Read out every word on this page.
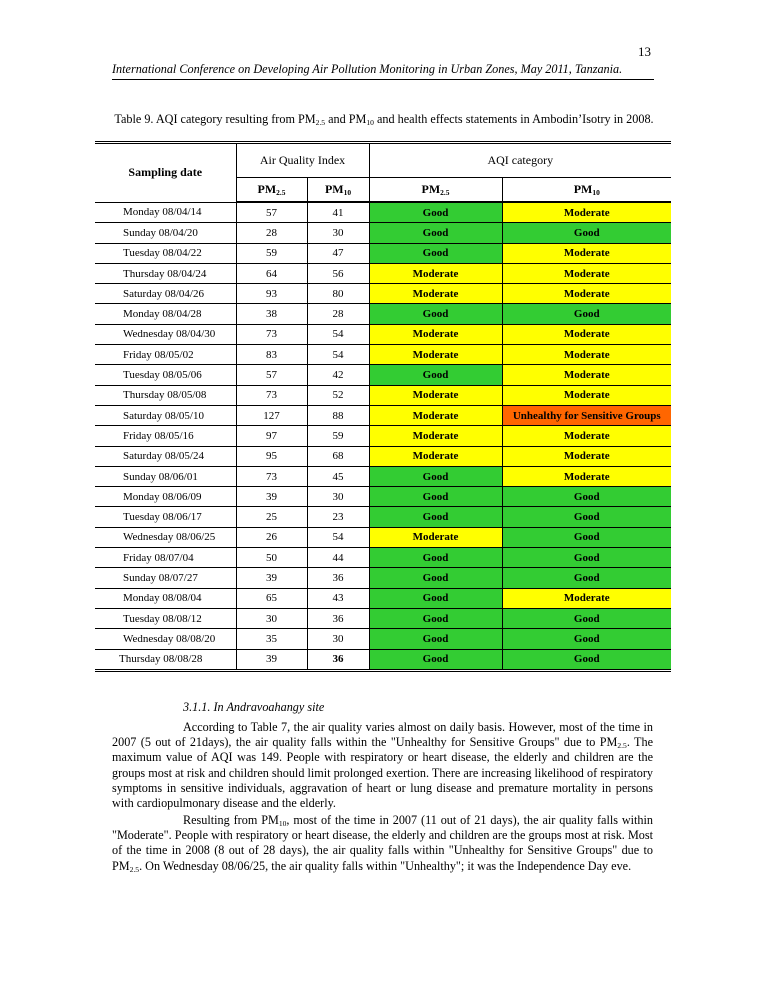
13
International Conference on Developing Air Pollution Monitoring in Urban Zones, May 2011, Tanzania.
Table 9. AQI category resulting from $PM_{2.5}$ and $PM_{10}$ and health effects statements in Ambodin’Isotry in 2008.
Sampling date	Air Quality Index		AQI category	
	$PM_{2.5}$	$PM_{10}$	$PM_{2.5}$	$PM_{10}$
Monday 08/04/14	57	41	Good	Moderate
Sunday 08/04/20	28	30	Good	Good
Tuesday 08/04/22	59	47	Good	Moderate
Thursday 08/04/24	64	56	Moderate	Moderate
Saturday 08/04/26	93	80	Moderate	Moderate
Monday 08/04/28	38	28	Good	Good
Wednesday 08/04/30	73	54	Moderate	Moderate
Friday 08/05/02	83	54	Moderate	Moderate
Tuesday 08/05/06	57	42	Good	Moderate
Thursday 08/05/08	73	52	Moderate	Moderate
Saturday 08/05/10	127	88	Moderate	Unhealthy for Sensitive Groups
Friday 08/05/16	97	59	Moderate	Moderate
Saturday 08/05/24	95	68	Moderate	Moderate
Sunday 08/06/01	73	45	Good	Moderate
Monday 08/06/09	39	30	Good	Good
Tuesday 08/06/17	25	23	Good	Good
Wednesday 08/06/25	26	54	Moderate	Good
Friday 08/07/04	50	44	Good	Good
Sunday 08/07/27	39	36	Good	Good
Monday 08/08/04	65	43	Good	Moderate
Tuesday 08/08/12	30	36	Good	Good
Wednesday 08/08/20	35	30	Good	Good
Thursday 08/08/28	39	36	Good	Good
3.1.1. In Andravoahangy site
According to Table 7, the air quality varies almost on daily basis. However, most of the time in 2007 (5 out of 21days), the air quality falls within the "Unhealthy for Sensitive Groups" due to $PM_{2.5}$. The maximum value of AQI was 149. People with respiratory or heart disease, the elderly and children are the groups most at risk and children should limit prolonged exertion. There are increasing likelihood of respiratory symptoms in sensitive individuals, aggravation of heart or lung disease and premature mortality in persons with cardiopulmonary disease and the elderly.
Resulting from $PM_{10}$, most of the time in 2007 (11 out of 21 days), the air quality falls within "Moderate". People with respiratory or heart disease, the elderly and children are the groups most at risk. Most of the time in 2008 (8 out of 28 days), the air quality falls within "Unhealthy for Sensitive Groups" due to $PM_{2.5}$. On Wednesday 08/06/25, the air quality falls within "Unhealthy"; it was the Independence Day eve.
